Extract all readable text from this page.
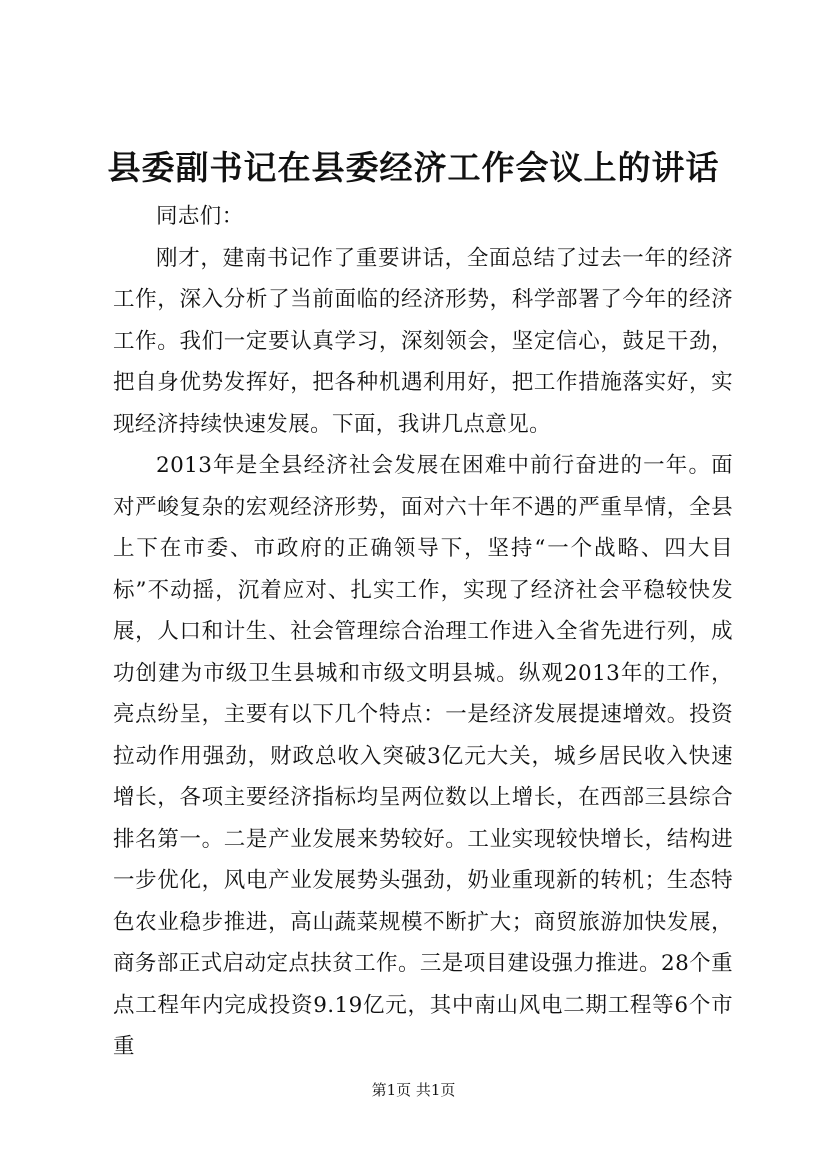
县委副书记在县委经济工作会议上的讲话

同志们：

刚才，建南书记作了重要讲话，全面总结了过去一年的经济工作，深入分析了当前面临的经济形势，科学部署了今年的经济工作。我们一定要认真学习，深刻领会，坚定信心，鼓足干劲，把自身优势发挥好，把各种机遇利用好，把工作措施落实好，实现经济持续快速发展。下面，我讲几点意见。

2013年是全县经济社会发展在困难中前行奋进的一年。面对严峻复杂的宏观经济形势，面对六十年不遇的严重旱情，全县上下在市委、市政府的正确领导下，坚持“一个战略、四大目标”不动摇，沉着应对、扎实工作，实现了经济社会平稳较快发展，人口和计生、社会管理综合治理工作进入全省先进行列，成功创建为市级卫生县城和市级文明县城。纵观2013年的工作，亮点纷呈，主要有以下几个特点：一是经济发展提速增效。投资拉动作用强劲，财政总收入突破3亿元大关，城乡居民收入快速增长，各项主要经济指标均呈两位数以上增长，在西部三县综合排名第一。二是产业发展来势较好。工业实现较快增长，结构进一步优化，风电产业发展势头强劲，奶业重现新的转机；生态特色农业稳步推进，高山蔬菜规模不断扩大；商贸旅游加快发展，商务部正式启动定点扶贫工作。三是项目建设强力推进。28个重点工程年内完成投资9.19亿元，其中南山风电二期工程等6个市重

第1页 共1页
